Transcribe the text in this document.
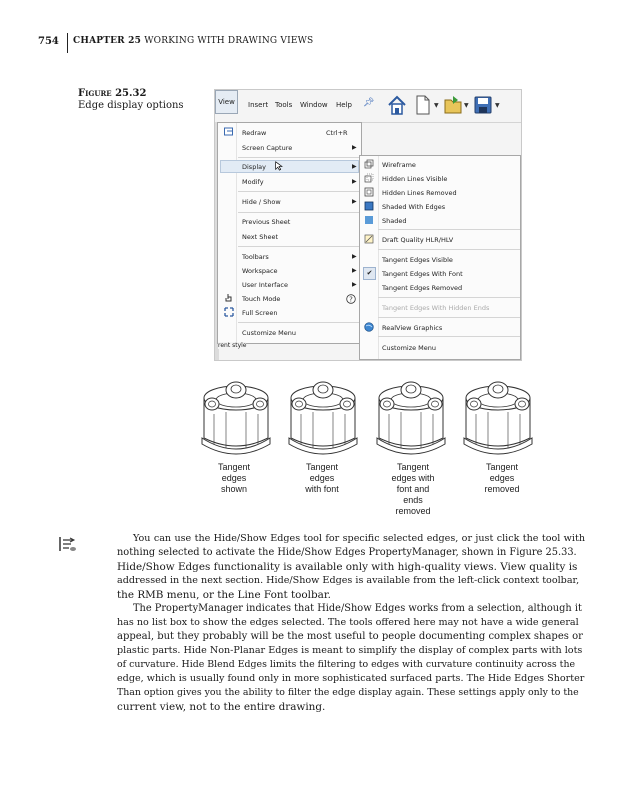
754 CHAPTER 25 WORKING WITH DRAWING VIEWS
Figure 25.32
Edge display options	View	Insert Tools Window Help 📌︎	▼	▼	▼
Redraw	Ctrl+R
Screen Capture	▶
Display	▶
Modify	▶
Hide / Show	▶
Previous Sheet
Next Sheet
Toolbars	▶
Workspace	▶
User Interface	▶
Touch Mode	?
Full Screen
Customize Menu
rent style
Wireframe
Hidden Lines Visible
Hidden Lines Removed
Shaded With Edges
Shaded
Draft Quality HLR/HLV
Tangent Edges Visible
✔	Tangent Edges With Font
Tangent Edges Removed
Tangent Edges With Hidden Ends
RealView Graphics
Customize Menu
Tangent
edges
shown
Tangent
edges
with font
Tangent
edges with
font and
ends
removed
Tangent
edges
removed
You can use the Hide/Show Edges tool for specific selected edges, or just click the tool with
nothing selected to activate the Hide/Show Edges PropertyManager, shown in Figure 25.33.
Hide/Show Edges functionality is available only with high-quality views. View quality is
addressed in the next section. Hide/Show Edges is available from the left-click context toolbar,
the RMB menu, or the Line Font toolbar.
The PropertyManager indicates that Hide/Show Edges works from a selection, although it
has no list box to show the edges selected. The tools offered here may not have a wide general
appeal, but they probably will be the most useful to people documenting complex shapes or
plastic parts. Hide Non-Planar Edges is meant to simplify the display of complex parts with lots
of curvature. Hide Blend Edges limits the filtering to edges with curvature continuity across the
edge, which is usually found only in more sophisticated surfaced parts. The Hide Edges Shorter
Than option gives you the ability to filter the edge display again. These settings apply only to the
current view, not to the entire drawing.
